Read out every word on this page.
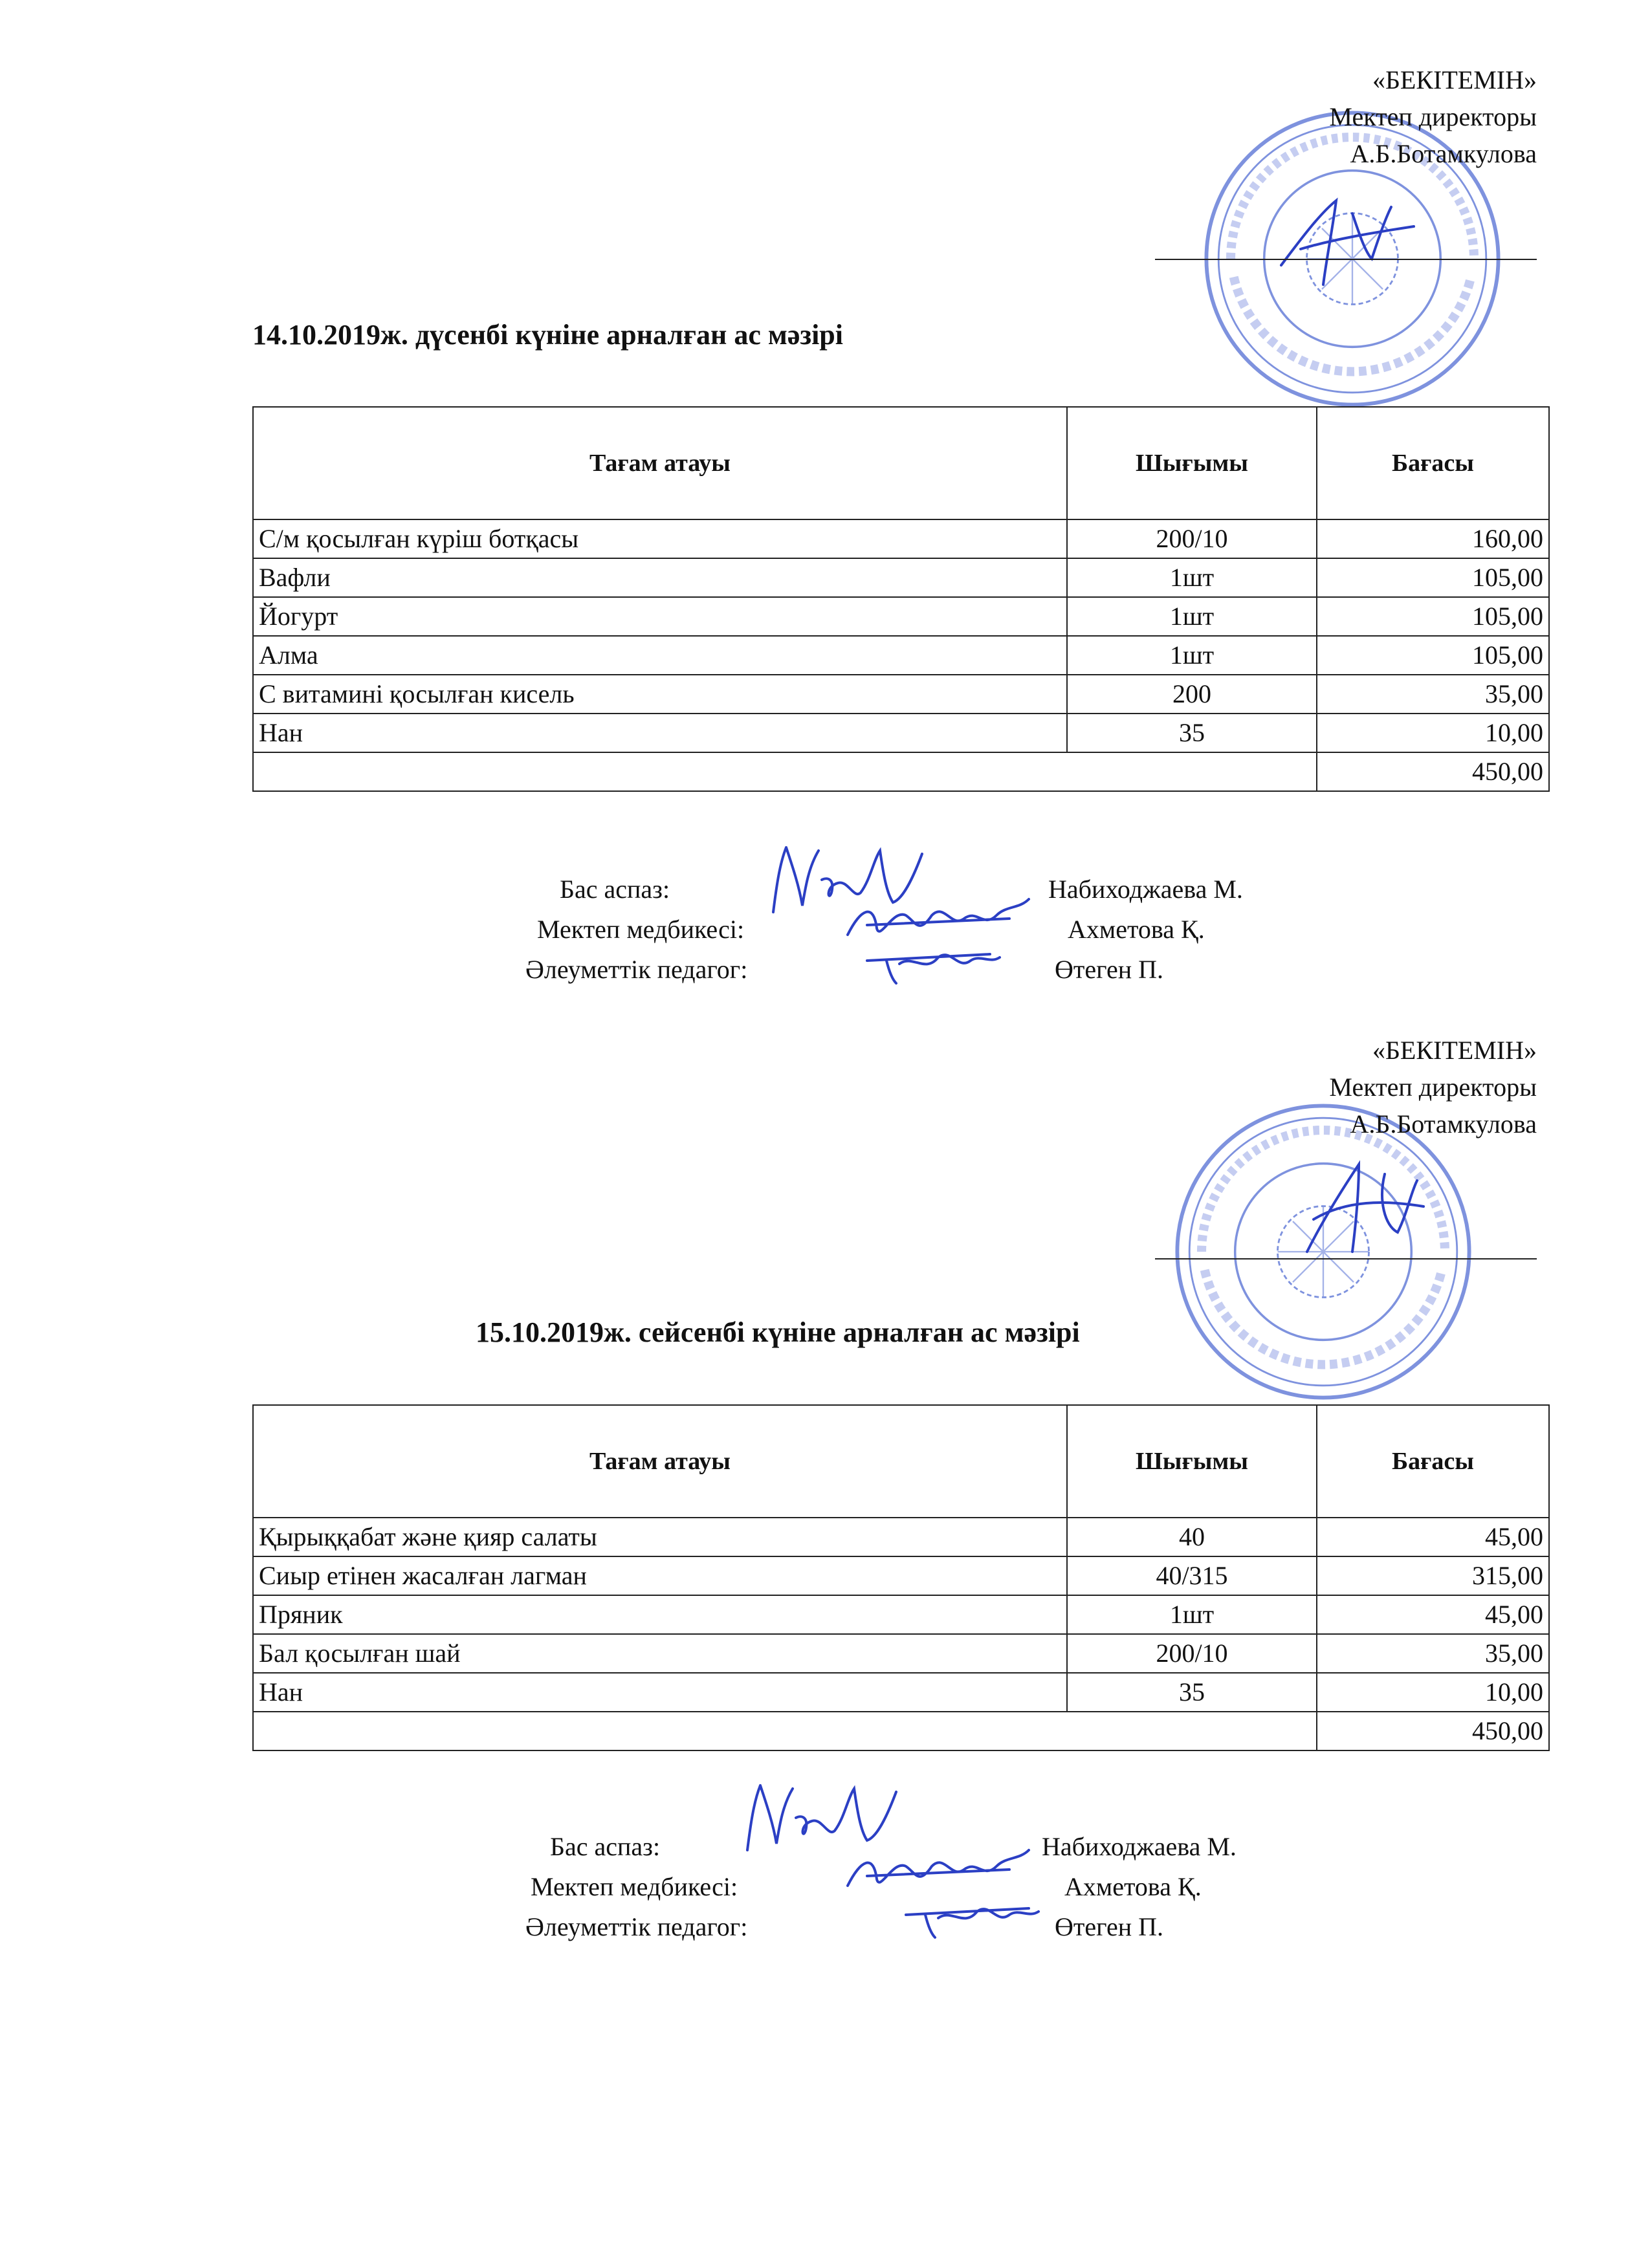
«БЕКІТЕМІН»
Мектеп директоры
А.Б.Ботамкулова
14.10.2019ж. дүсенбі күніне арналған ас мәзірі
Тағам атауы	Шығымы	Бағасы
С/м қосылған күріш ботқасы	200/10	160,00
Вафли	1шт	105,00
Йогурт	1шт	105,00
Алма	1шт	105,00
С витамині қосылған кисель	200	35,00
Нан	35	10,00
		450,00
Бас аспаз:	Набиходжаева М.
Мектеп медбикесі:	Ахметова Қ.
Әлеуметтік педагог:	Өтеген П.
«БЕКІТЕМІН»
Мектеп директоры
А.Б.Ботамкулова
15.10.2019ж. сейсенбі күніне арналған ас мәзірі
Тағам атауы	Шығымы	Бағасы
Қырыққабат және қияр салаты	40	45,00
Сиыр етінен жасалған лагман	40/315	315,00
Пряник	1шт	45,00
Бал қосылған шай	200/10	35,00
Нан	35	10,00
		450,00
Бас аспаз:	Набиходжаева М.
Мектеп медбикесі:	Ахметова Қ.
Әлеуметтік педагог:	Өтеген П.
